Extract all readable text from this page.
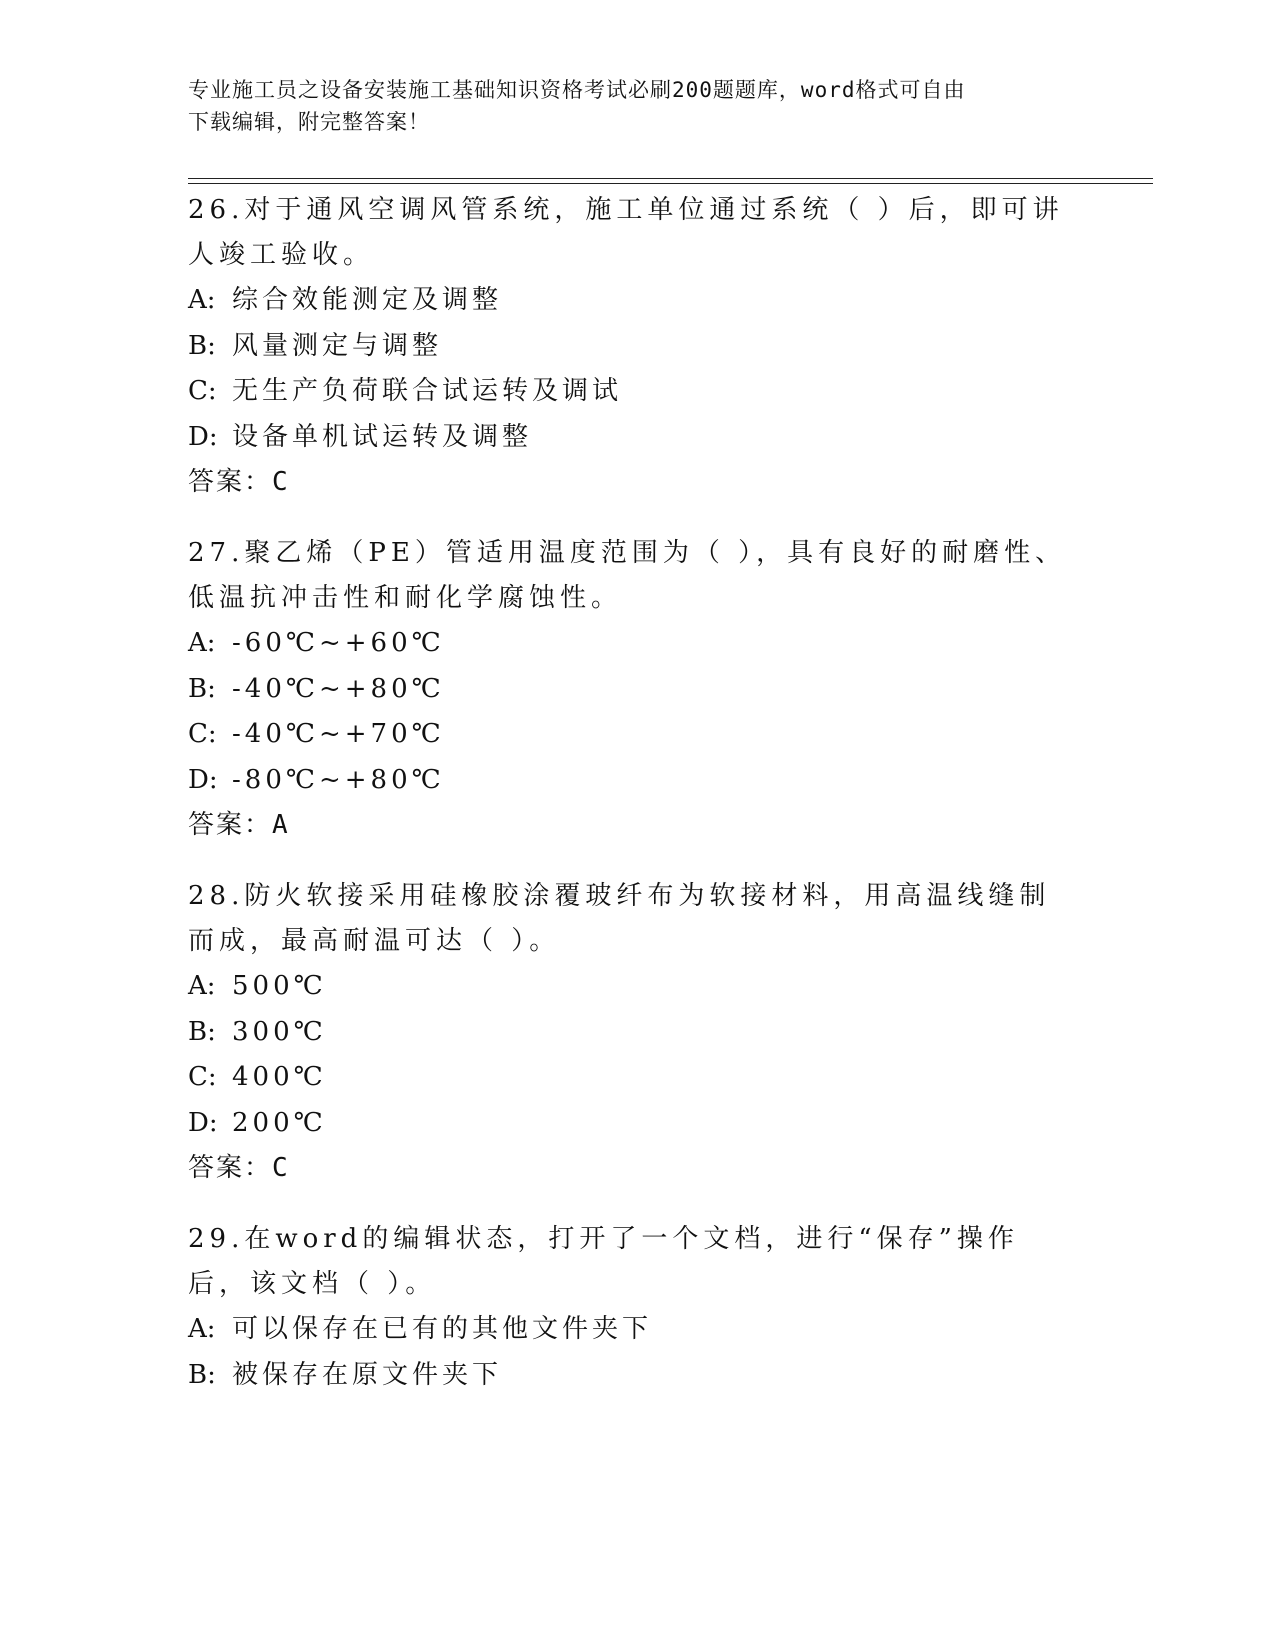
专业施工员之设备安装施工基础知识资格考试必刷200题题库，word格式可自由
下载编辑，附完整答案！
26.对于通风空调风管系统，施工单位通过系统（ ）后，即可讲人竣工验收。
A: 综合效能测定及调整
B: 风量测定与调整
C: 无生产负荷联合试运转及调试
D: 设备单机试运转及调整
答案：C
27.聚乙烯（PE）管适用温度范围为（ ），具有良好的耐磨性、低温抗冲击性和耐化学腐蚀性。
A: -60℃~+60℃
B: -40℃~+80℃
C: -40℃~+70℃
D: -80℃~+80℃
答案：A
28.防火软接采用硅橡胶涂覆玻纤布为软接材料，用高温线缝制而成，最高耐温可达（ ）。
A: 500℃
B: 300℃
C: 400℃
D: 200℃
答案：C
29.在word的编辑状态，打开了一个文档，进行“保存”操作后，该文档（ ）。
A: 可以保存在已有的其他文件夹下
B: 被保存在原文件夹下
